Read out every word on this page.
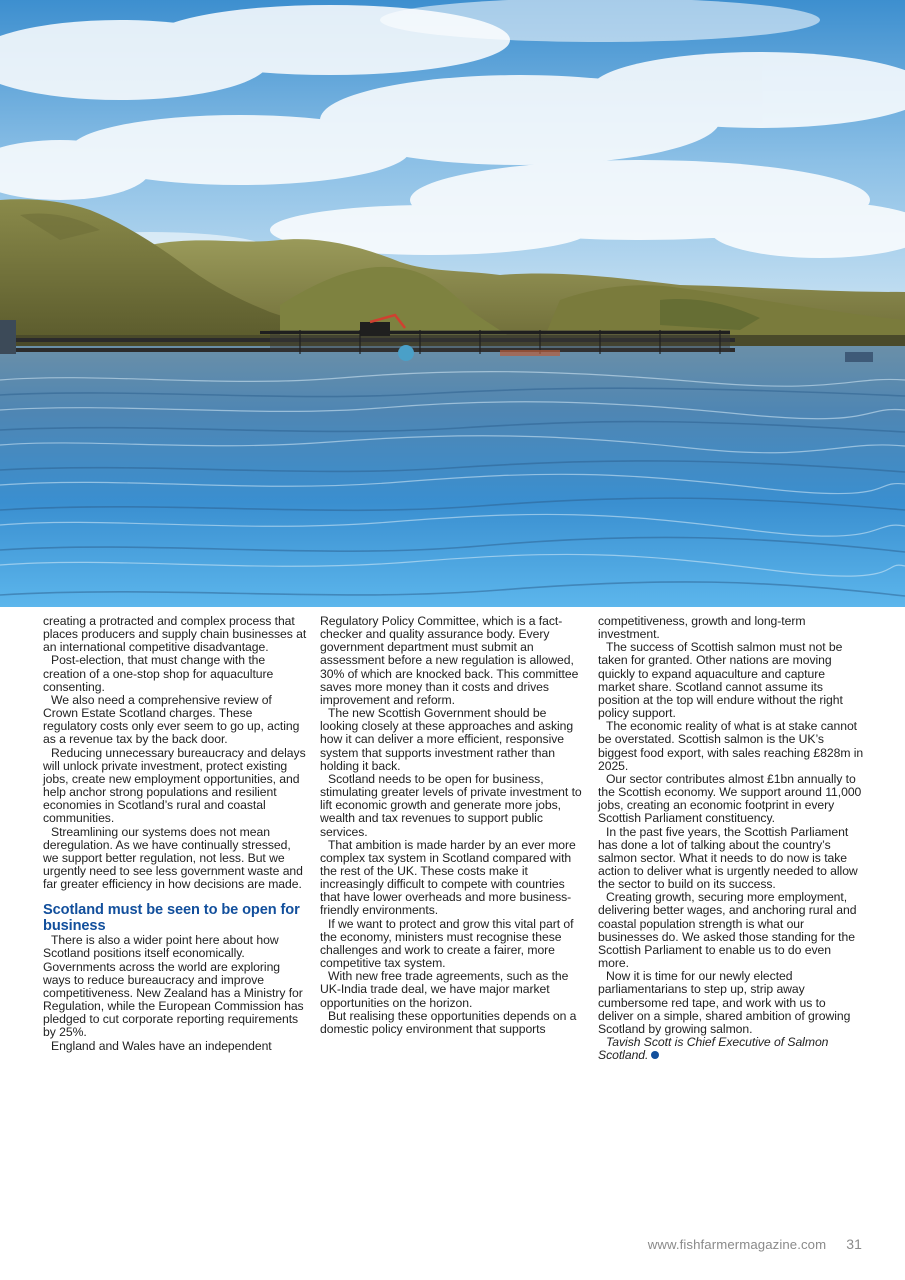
creating a protracted and complex process that places producers and supply chain businesses at an international competitive disadvantage.

Post-election, that must change with the creation of a one-stop shop for aquaculture consenting.

We also need a comprehensive review of Crown Estate Scotland charges. These regulatory costs only ever seem to go up, acting as a revenue tax by the back door.

Reducing unnecessary bureaucracy and delays will unlock private investment, protect existing jobs, create new employment opportunities, and help anchor strong populations and resilient economies in Scotland’s rural and coastal communities.

Streamlining our systems does not mean deregulation. As we have continually stressed, we support better regulation, not less. But we urgently need to see less government waste and far greater efficiency in how decisions are made.

Scotland must be seen to be open for business

There is also a wider point here about how Scotland positions itself economically. Governments across the world are exploring ways to reduce bureaucracy and improve competitiveness. New Zealand has a Ministry for Regulation, while the European Commission has pledged to cut corporate reporting requirements by 25%.

England and Wales have an independent

Regulatory Policy Committee, which is a fact-checker and quality assurance body. Every government department must submit an assessment before a new regulation is allowed, 30% of which are knocked back. This committee saves more money than it costs and drives improvement and reform.

The new Scottish Government should be looking closely at these approaches and asking how it can deliver a more efficient, responsive system that supports investment rather than holding it back.

Scotland needs to be open for business, stimulating greater levels of private investment to lift economic growth and generate more jobs, wealth and tax revenues to support public services.

That ambition is made harder by an ever more complex tax system in Scotland compared with the rest of the UK. These costs make it increasingly difficult to compete with countries that have lower overheads and more business-friendly environments.

If we want to protect and grow this vital part of the economy, ministers must recognise these challenges and work to create a fairer, more competitive tax system.

With new free trade agreements, such as the UK-India trade deal, we have major market opportunities on the horizon.

But realising these opportunities depends on a domestic policy environment that supports

competitiveness, growth and long-term investment.

The success of Scottish salmon must not be taken for granted. Other nations are moving quickly to expand aquaculture and capture market share. Scotland cannot assume its position at the top will endure without the right policy support.

The economic reality of what is at stake cannot be overstated. Scottish salmon is the UK’s biggest food export, with sales reaching £828m in 2025.

Our sector contributes almost £1bn annually to the Scottish economy. We support around 11,000 jobs, creating an economic footprint in every Scottish Parliament constituency.

In the past five years, the Scottish Parliament has done a lot of talking about the country’s salmon sector. What it needs to do now is take action to deliver what is urgently needed to allow the sector to build on its success.

Creating growth, securing more employment, delivering better wages, and anchoring rural and coastal population strength is what our businesses do. We asked those standing for the Scottish Parliament to enable us to do even more.

Now it is time for our newly elected parliamentarians to step up, strip away cumbersome red tape, and work with us to deliver on a simple, shared ambition of growing Scotland by growing salmon.

Tavish Scott is Chief Executive of Salmon Scotland.

www.fishfarmermagazine.com 31
